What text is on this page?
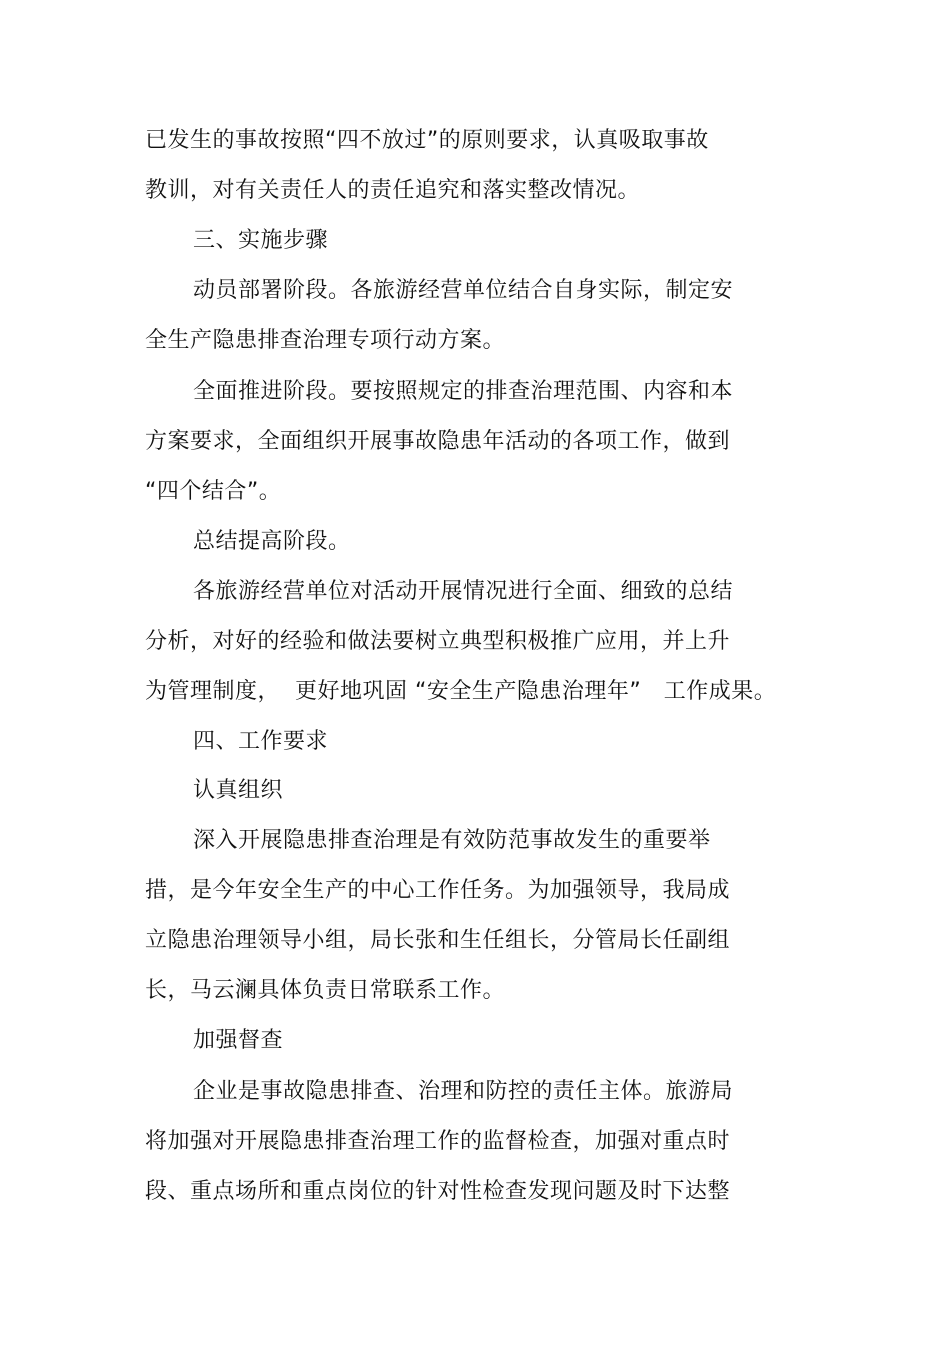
已发生的事故按照“四不放过”的原则要求，认真吸取事故
教训，对有关责任人的责任追究和落实整改情况。
三、实施步骤
动员部署阶段。各旅游经营单位结合自身实际，制定安
全生产隐患排查治理专项行动方案。
全面推进阶段。要按照规定的排查治理范围、内容和本
方案要求，全面组织开展事故隐患年活动的各项工作，做到
“四个结合”。
总结提高阶段。
各旅游经营单位对活动开展情况进行全面、细致的总结
分析，对好的经验和做法要树立典型积极推广应用，并上升
为管理制度，  更好地巩固 “安全生产隐患治理年”   工作成果。
四、工作要求
认真组织
深入开展隐患排查治理是有效防范事故发生的重要举
措，是今年安全生产的中心工作任务。为加强领导，我局成
立隐患治理领导小组，局长张和生任组长，分管局长任副组
长，马云澜具体负责日常联系工作。
加强督查
企业是事故隐患排查、治理和防控的责任主体。旅游局
将加强对开展隐患排查治理工作的监督检查，加强对重点时
段、重点场所和重点岗位的针对性检查发现问题及时下达整
